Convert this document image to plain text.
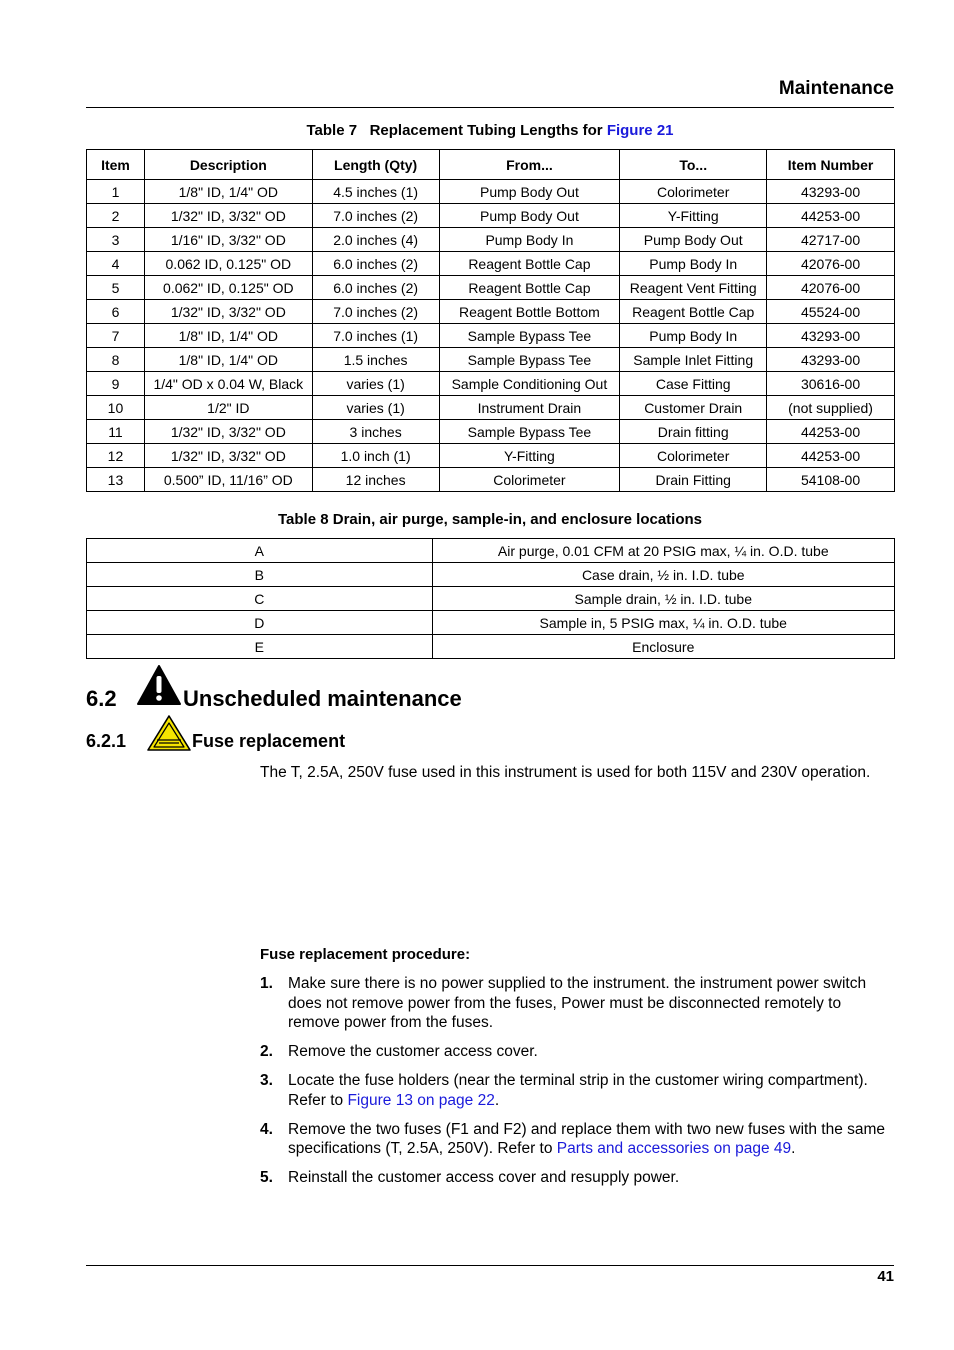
Maintenance
Table 7   Replacement Tubing Lengths for Figure 21
Item	Description	Length (Qty)	From...	To...	Item Number
1	1/8" ID, 1/4" OD	4.5 inches (1)	Pump Body Out	Colorimeter	43293-00
2	1/32" ID, 3/32" OD	7.0 inches (2)	Pump Body Out	Y-Fitting	44253-00
3	1/16" ID, 3/32" OD	2.0 inches (4)	Pump Body In	Pump Body Out	42717-00
4	0.062 ID, 0.125" OD	6.0 inches (2)	Reagent Bottle Cap	Pump Body In	42076-00
5	0.062" ID, 0.125" OD	6.0 inches (2)	Reagent Bottle Cap	Reagent Vent Fitting	42076-00
6	1/32" ID, 3/32" OD	7.0 inches (2)	Reagent Bottle Bottom	Reagent Bottle Cap	45524-00
7	1/8" ID, 1/4" OD	7.0 inches (1)	Sample Bypass Tee	Pump Body In	43293-00
8	1/8" ID, 1/4" OD	1.5 inches	Sample Bypass Tee	Sample Inlet Fitting	43293-00
9	1/4" OD x 0.04 W, Black	varies (1)	Sample Conditioning Out	Case Fitting	30616-00
10	1/2" ID	varies (1)	Instrument Drain	Customer Drain	(not supplied)
11	1/32" ID, 3/32" OD	3 inches	Sample Bypass Tee	Drain fitting	44253-00
12	1/32" ID, 3/32" OD	1.0 inch (1)	Y-Fitting	Colorimeter	44253-00
13	0.500” ID, 11/16” OD	12 inches	Colorimeter	Drain Fitting	54108-00
Table 8 Drain, air purge, sample-in, and enclosure locations
A	Air purge, 0.01 CFM at 20 PSIG max, ¼ in. O.D. tube
B	Case drain, ½ in. I.D. tube
C	Sample drain, ½ in. I.D. tube
D	Sample in, 5 PSIG max, ¼ in. O.D. tube
E	Enclosure
6.2	Unscheduled maintenance
6.2.1	Fuse replacement
The T, 2.5A, 250V fuse used in this instrument is used for both 115V and 230V operation.
Fuse replacement procedure:
1. Make sure there is no power supplied to the instrument. the instrument power switch does not remove power from the fuses, Power must be disconnected remotely to remove power from the fuses.
2. Remove the customer access cover.
3. Locate the fuse holders (near the terminal strip in the customer wiring compartment). Refer to Figure 13 on page 22.
4. Remove the two fuses (F1 and F2) and replace them with two new fuses with the same specifications (T, 2.5A, 250V). Refer to Parts and accessories on page 49.
5. Reinstall the customer access cover and resupply power.
41
